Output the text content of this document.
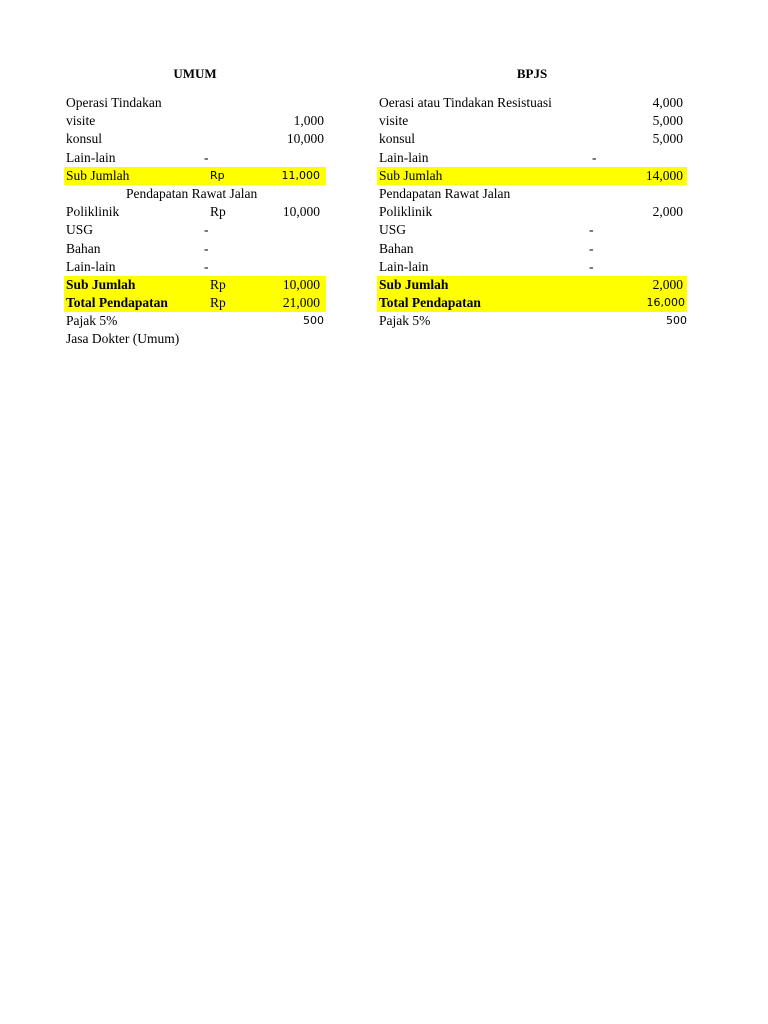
UMUM
Operasi Tindakan
visite	1,000
konsul	10,000
Lain-lain	-
Sub Jumlah	Rp	11,000
Pendapatan Rawat Jalan
Poliklinik	Rp	10,000
USG	-
Bahan	-
Lain-lain	-
Sub Jumlah	Rp	10,000
Total Pendapatan	Rp	21,000
Pajak 5%	500
Jasa Dokter (Umum)
BPJS
Oerasi atau Tindakan Resistuasi	4,000
visite	5,000
konsul	5,000
Lain-lain	-
Sub Jumlah	14,000
Pendapatan Rawat Jalan
Poliklinik	2,000
USG	-
Bahan	-
Lain-lain	-
Sub Jumlah	2,000
Total Pendapatan	16,000
Pajak 5%	500
